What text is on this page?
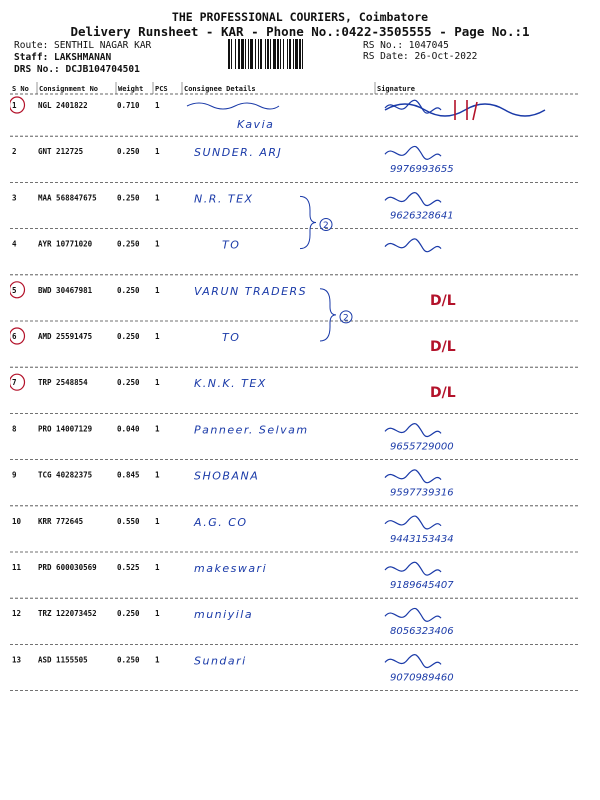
THE PROFESSIONAL COURIERS, Coimbatore
Delivery Runsheet - KAR - Phone No.:0422-3505555 - Page No.:1
Route: SENTHIL NAGAR KAR
Staff: LAKSHMANAN
DRS No.: DCJB104704501
RS No.: 1047045
RS Date: 26-Oct-2022
S No Consignment No	Weight PCS Consignee Details	Signature
1	NGL 2401822	0.710 1
Kavia
2	GNT 212725	0.250 1	SUNDER. ARJ
9976993655
3	MAA 568847675	0.250 1	N.R. TEX
9626328641
4	AYR 10771020	0.250 1	TO
5	BWD 30467981	0.250 1	VARUN TRADERS
D/L
6	AMD 25591475	0.250 1	TO
D/L
7	TRP 2548854	0.250 1	K.N.K. TEX
D/L
8	PRO 14007129	0.040 1	Panneer. Selvam
9655729000
9	TCG 40282375	0.845 1	SHOBANA
9597739316
10 KRR 772645	0.550 1	A.G. CO
9443153434
11 PRD 600030569	0.525 1	makeswari
9189645407
12 TRZ 122073452	0.250 1	muniyila
8056323406
13 ASD 1155505	0.250 1	Sundari
9070989460
2
2
